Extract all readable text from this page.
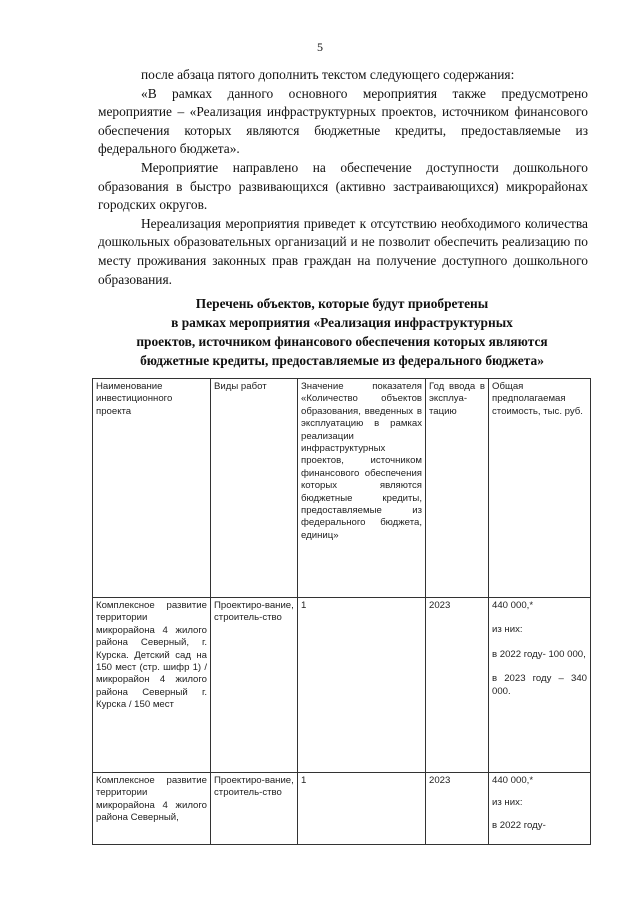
5

после абзаца пятого дополнить текстом следующего содержания:

«В рамках данного основного мероприятия также предусмотрено мероприятие – «Реализация инфраструктурных проектов, источником финансового обеспечения которых являются бюджетные кредиты, предоставляемые из федерального бюджета».

Мероприятие направлено на обеспечение доступности дошкольного образования в быстро развивающихся (активно застраивающихся) микрорайонах городских округов.

Нереализация мероприятия приведет к отсутствию необходимого количества дошкольных образовательных организаций и не позволит обеспечить реализацию по месту проживания законных прав граждан на получение доступного дошкольного образования.

Перечень объектов, которые будут приобретены
в рамках мероприятия «Реализация инфраструктурных
проектов, источником финансового обеспечения которых являются
бюджетные кредиты, предоставляемые из федерального бюджета»
Наименование инвестиционного проекта	Виды работ	Значение показателя «Количество объектов образования, введенных в эксплуатацию в рамках реализации инфраструктурных проектов, источником финансового обеспечения которых являются бюджетные кредиты, предоставляемые из федерального бюджета, единиц»	Год ввода в эксплуа-тацию	Общая предполагаемая стоимость, тыс. руб.
Комплексное развитие территории микрорайона 4 жилого района Северный, г. Курска. Детский сад на 150 мест (стр. шифр 1) / микрорайон 4 жилого района Северный г. Курска / 150 мест	Проектиро-вание, строитель-ство	1	2023	440 000,*
из них:
в 2022 году- 100 000,
в 2023 году – 340 000.
Комплексное развитие территории микрорайона 4 жилого района Северный,	Проектиро-вание, строитель-ство	1	2023	440 000,*
из них:
в 2022 году-
